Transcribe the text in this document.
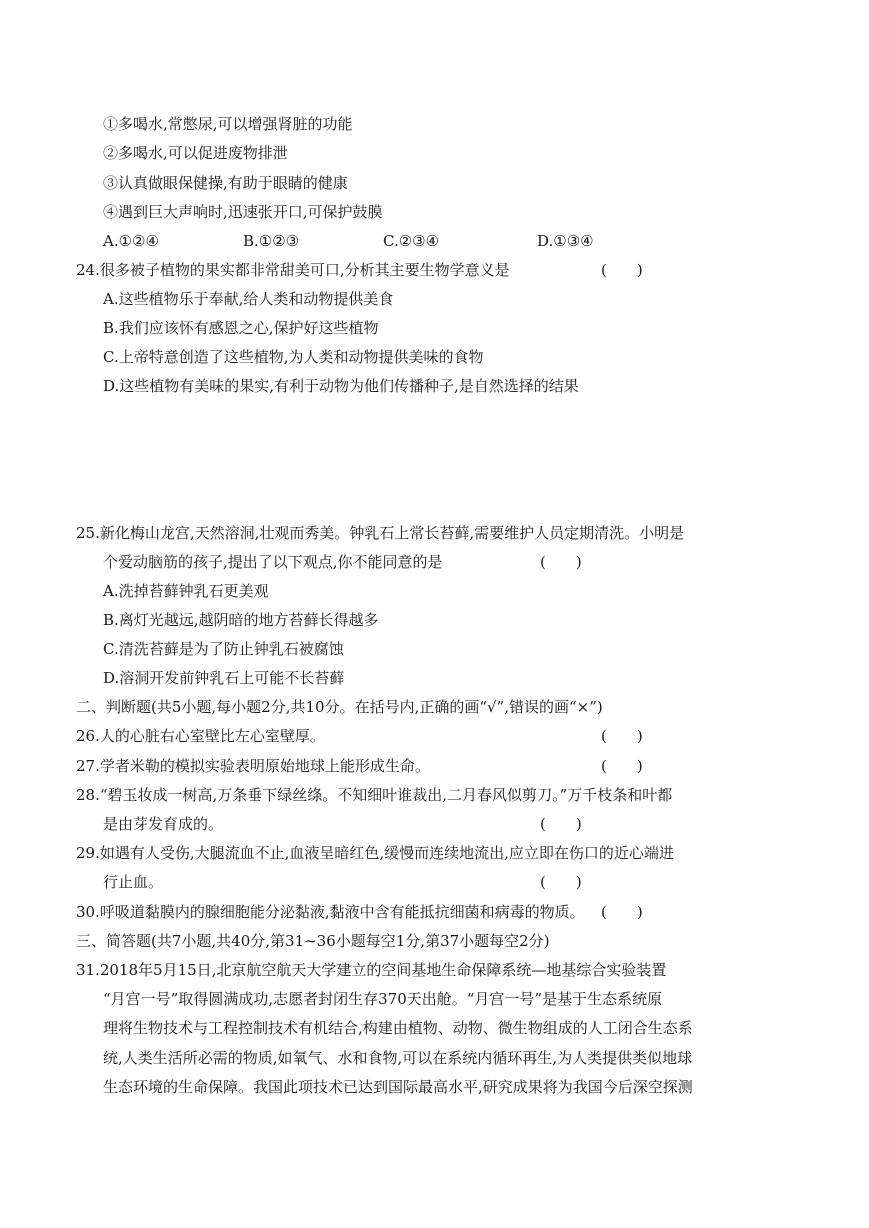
①多喝水,常憋尿,可以增强肾脏的功能
②多喝水,可以促进废物排泄
③认真做眼保健操,有助于眼睛的健康
④遇到巨大声响时,迅速张开口,可保护鼓膜
A.①②④	B.①②③	C.②③④	D.①③④
24.很多被子植物的果实都非常甜美可口,分析其主要生物学意义是	(　　)
A.这些植物乐于奉献,给人类和动物提供美食
B.我们应该怀有感恩之心,保护好这些植物
C.上帝特意创造了这些植物,为人类和动物提供美味的食物
D.这些植物有美味的果实,有利于动物为他们传播种子,是自然选择的结果
25.新化梅山龙宫,天然溶洞,壮观而秀美。钟乳石上常长苔藓,需要维护人员定期清洗。小明是
个爱动脑筋的孩子,提出了以下观点,你不能同意的是	(　　)
A.洗掉苔藓钟乳石更美观
B.离灯光越远,越阴暗的地方苔藓长得越多
C.清洗苔藓是为了防止钟乳石被腐蚀
D.溶洞开发前钟乳石上可能不长苔藓
二、判断题(共5小题,每小题2分,共10分。在括号内,正确的画“√”,错误的画“×”)
26.人的心脏右心室壁比左心室壁厚。	(　　)
27.学者米勒的模拟实验表明原始地球上能形成生命。	(　　)
28.“碧玉妆成一树高,万条垂下绿丝绦。不知细叶谁裁出,二月春风似剪刀。”万千枝条和叶都
是由芽发育成的。	(　　)
29.如遇有人受伤,大腿流血不止,血液呈暗红色,缓慢而连续地流出,应立即在伤口的近心端进
行止血。	(　　)
30.呼吸道黏膜内的腺细胞能分泌黏液,黏液中含有能抵抗细菌和病毒的物质。 (　　)
三、简答题(共7小题,共40分,第31~36小题每空1分,第37小题每空2分)
31.2018年5月15日,北京航空航天大学建立的空间基地生命保障系统—地基综合实验装置
“月宫一号”取得圆满成功,志愿者封闭生存370天出舱。“月宫一号”是基于生态系统原
理将生物技术与工程控制技术有机结合,构建由植物、动物、微生物组成的人工闭合生态系
统,人类生活所必需的物质,如氧气、水和食物,可以在系统内循环再生,为人类提供类似地球
生态环境的生命保障。我国此项技术已达到国际最高水平,研究成果将为我国今后深空探测
